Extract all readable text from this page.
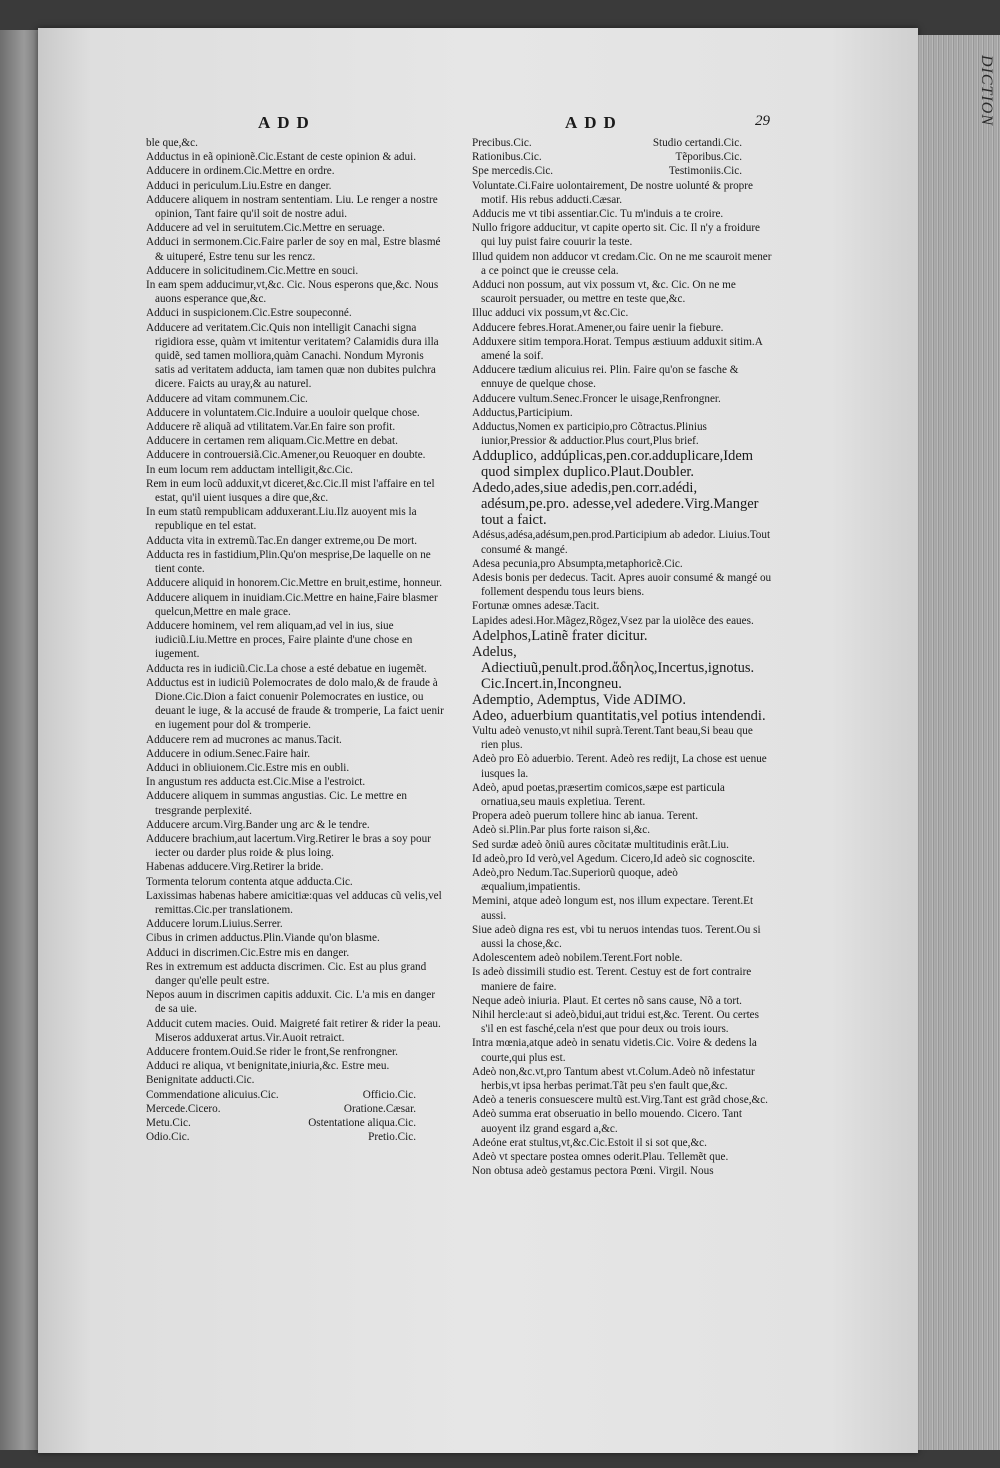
DICTION
ADD	ADD	29

ble que,&c.

Adductus in eã opinionẽ.Cic.Estant de ceste opinion & adui.

Adducere in ordinem.Cic.Mettre en ordre.

Adduci in periculum.Liu.Estre en danger.

Adducere aliquem in nostram sententiam. Liu. Le renger a nostre opinion, Tant faire qu'il soit de nostre adui.

Adducere ad vel in seruitutem.Cic.Mettre en seruage.

Adduci in sermonem.Cic.Faire parler de soy en mal, Estre blasmé & uituperé, Estre tenu sur les rencz.

Adducere in solicitudinem.Cic.Mettre en souci.

In eam spem adducimur,vt,&c. Cic. Nous esperons que,&c. Nous auons esperance que,&c.

Adduci in suspicionem.Cic.Estre soupeconné.

Adducere ad veritatem.Cic.Quis non intelligit Canachi signa rigidiora esse, quàm vt imitentur veritatem? Calamidis dura illa quidẽ, sed tamen molliora,quàm Canachi. Nondum Myronis satis ad veritatem adducta, iam tamen quæ non dubites pulchra dicere. Faicts au uray,& au naturel.

Adducere ad vitam communem.Cic.

Adducere in voluntatem.Cic.Induire a uouloir quelque chose.

Adducere rẽ aliquã ad vtilitatem.Var.En faire son profit.

Adducere in certamen rem aliquam.Cic.Mettre en debat.

Adducere in controuersiã.Cic.Amener,ou Reuoquer en doubte.

In eum locum rem adductam intelligit,&c.Cic.

Rem in eum locũ adduxit,vt diceret,&c.Cic.Il mist l'affaire en tel estat, qu'il uient iusques a dire que,&c.

In eum statũ rempublicam adduxerant.Liu.Ilz auoyent mis la republique en tel estat.

Adducta vita in extremũ.Tac.En danger extreme,ou De mort.

Adducta res in fastidium,Plin.Qu'on mesprise,De laquelle on ne tient conte.

Adducere aliquid in honorem.Cic.Mettre en bruit,estime, honneur.

Adducere aliquem in inuidiam.Cic.Mettre en haine,Faire blasmer quelcun,Mettre en male grace.

Adducere hominem, vel rem aliquam,ad vel in ius, siue iudiciũ.Liu.Mettre en proces, Faire plainte d'une chose en iugement.

Adducta res in iudiciũ.Cic.La chose a esté debatue en iugemẽt.

Adductus est in iudiciũ Polemocrates de dolo malo,& de fraude à Dione.Cic.Dion a faict conuenir Polemocrates en iustice, ou deuant le iuge, & la accusé de fraude & tromperie, La faict uenir en iugement pour dol & tromperie.

Adducere rem ad mucrones ac manus.Tacit.

Adducere in odium.Senec.Faire hair.

Adduci in obliuionem.Cic.Estre mis en oubli.

In angustum res adducta est.Cic.Mise a l'estroict.

Adducere aliquem in summas angustias. Cic. Le mettre en tresgrande perplexité.

Adducere arcum.Virg.Bander ung arc & le tendre.

Adducere brachium,aut lacertum.Virg.Retirer le bras a soy pour iecter ou darder plus roide & plus loing.

Habenas adducere.Virg.Retirer la bride.

Tormenta telorum contenta atque adducta.Cic.

Laxissimas habenas habere amicitiæ:quas vel adducas cũ velis,vel remittas.Cic.per translationem.

Adducere lorum.Liuius.Serrer.

Cibus in crimen adductus.Plin.Viande qu'on blasme.

Adduci in discrimen.Cic.Estre mis en danger.

Res in extremum est adducta discrimen. Cic. Est au plus grand danger qu'elle peult estre.

Nepos auum in discrimen capitis adduxit. Cic. L'a mis en danger de sa uie.

Adducit cutem macies. Ouid. Maigreté fait retirer & rider la peau. Miseros adduxerat artus.Vir.Auoit retraict.

Adducere frontem.Ouid.Se rider le front,Se renfrongner.

Adduci re aliqua, vt benignitate,iniuria,&c. Estre meu.

Benignitate adducti.Cic.

Commendatione alicuius.Cic.	Officio.Cic.
Mercede.Cicero.	Oratione.Cæsar.
Metu.Cic.	Ostentatione aliqua.Cic.
Odio.Cic.	Pretio.Cic.
Precibus.Cic.	Studio certandi.Cic.
Rationibus.Cic.	Tẽporibus.Cic.
Spe mercedis.Cic.	Testimoniis.Cic.

Voluntate.Ci.Faire uolontairement, De nostre uolunté & propre motif. His rebus adducti.Cæsar.

Adducis me vt tibi assentiar.Cic. Tu m'induis a te croire.

Nullo frigore adducitur, vt capite operto sit. Cic. Il n'y a froidure qui luy puist faire couurir la teste.

Illud quidem non adducor vt credam.Cic. On ne me scauroit mener a ce poinct que ie creusse cela.

Adduci non possum, aut vix possum vt, &c. Cic. On ne me scauroit persuader, ou mettre en teste que,&c.

Illuc adduci vix possum,vt &c.Cic.

Adducere febres.Horat.Amener,ou faire uenir la fiebure.

Adduxere sitim tempora.Horat. Tempus æstiuum adduxit sitim.A amené la soif.

Adducere tædium alicuius rei. Plin. Faire qu'on se fasche & ennuye de quelque chose.

Adducere vultum.Senec.Froncer le uisage,Renfrongner.

Adductus,Participium.

Adductus,Nomen ex participio,pro Cõtractus.Plinius iunior,Pressior & adductior.Plus court,Plus brief.

Adduplico, addúplicas,pen.cor.adduplicare,Idem quod simplex duplico.Plaut.Doubler.

Adedo,ades,siue adedis,pen.corr.adédi, adésum,pe.pro. adesse,vel adedere.Virg.Manger tout a faict.

Adésus,adésa,adésum,pen.prod.Participium ab adedor. Liuius.Tout consumé & mangé.

Adesa pecunia,pro Absumpta,metaphoricẽ.Cic.

Adesis bonis per dedecus. Tacit. Apres auoir consumé & mangé ou follement despendu tous leurs biens.

Fortunæ omnes adesæ.Tacit.

Lapides adesi.Hor.Mãgez,Rõgez,Vsez par la uiolẽce des eaues.

Adelphos,Latinẽ frater dicitur.

Adelus, Adiectiuũ,penult.prod.ἄδηλος,Incertus,ignotus. Cic.Incert.in,Incongneu.

Ademptio, Ademptus, Vide ADIMO.

Adeo, aduerbium quantitatis,vel potius intendendi.

Vultu adeò venusto,vt nihil suprà.Terent.Tant beau,Si beau que rien plus.

Adeò pro Eò aduerbio. Terent. Adeò res redijt, La chose est uenue iusques la.

Adeò, apud poetas,præsertim comicos,sæpe est particula ornatiua,seu mauis expletiua. Terent.

Propera adeò puerum tollere hinc ab ianua. Terent.

Adeò si.Plin.Par plus forte raison si,&c.

Sed surdæ adeò õniũ aures cõcitatæ multitudinis erãt.Liu.

Id adeò,pro Id verò,vel Agedum. Cicero,Id adeò sic cognoscite.

Adeò,pro Nedum.Tac.Superiorũ quoque, adeò æqualium,impatientis.

Memini, atque adeò longum est, nos illum expectare. Terent.Et aussi.

Siue adeò digna res est, vbi tu neruos intendas tuos. Terent.Ou si aussi la chose,&c.

Adolescentem adeò nobilem.Terent.Fort noble.

Is adeò dissimili studio est. Terent. Cestuy est de fort contraire maniere de faire.

Neque adeò iniuria. Plaut. Et certes nõ sans cause, Nõ a tort.

Nihil hercle:aut si adeò,bidui,aut tridui est,&c. Terent. Ou certes s'il en est fasché,cela n'est que pour deux ou trois iours.

Intra mœnia,atque adeò in senatu videtis.Cic. Voire & dedens la courte,qui plus est.

Adeò non,&c.vt,pro Tantum abest vt.Colum.Adeò nõ infestatur herbis,vt ipsa herbas perimat.Tãt peu s'en fault que,&c.

Adeò a teneris consuescere multũ est.Virg.Tant est grãd chose,&c.

Adeò summa erat obseruatio in bello mouendo. Cicero. Tant auoyent ilz grand esgard a,&c.

Adeóne erat stultus,vt,&c.Cic.Estoit il si sot que,&c.

Adeò vt spectare postea omnes oderit.Plau. Tellemẽt que.

Non obtusa adeò gestamus pectora Pœni. Virgil. Nous
